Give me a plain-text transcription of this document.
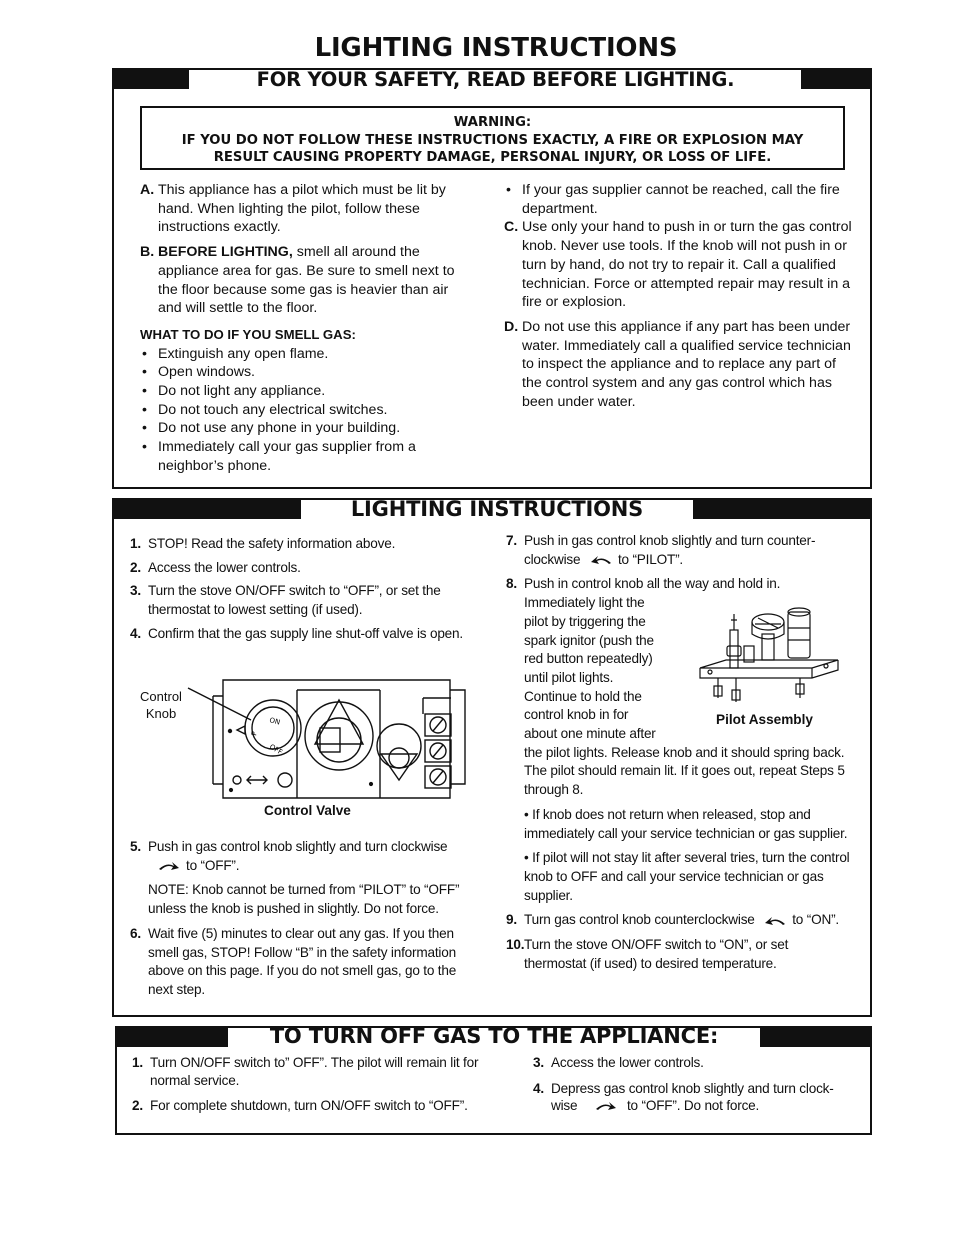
LIGHTING INSTRUCTIONS
FOR YOUR SAFETY, READ BEFORE LIGHTING.
WARNING:
IF YOU DO NOT FOLLOW THESE INSTRUCTIONS EXACTLY, A FIRE OR EXPLOSION MAY
RESULT CAUSING PROPERTY DAMAGE, PERSONAL INJURY, OR LOSS OF LIFE.
A. This appliance has a pilot which must be lit by hand. When lighting the pilot, follow these instructions exactly.
B. BEFORE LIGHTING, smell all around the appliance area for gas. Be sure to smell next to the floor because some gas is heavier than air and will settle to the floor.
WHAT TO DO IF YOU SMELL GAS:
• Extinguish any open flame.
• Open windows.
• Do not light any appliance.
• Do not touch any electrical switches.
• Do not use any phone in your building.
• Immediately call your gas supplier from a neighbor’s phone.
• If your gas supplier cannot be reached, call the fire department.
C. Use only your hand to push in or turn the gas control knob. Never use tools. If the knob will not push in or turn by hand, do not try to repair it. Call a qualified technician. Force or attempted repair may result in a fire or explosion.
D. Do not use this appliance if any part has been under water. Immediately call a qualified service technician to inspect the appliance and to replace any part of the control system and any gas control which has been under water.
LIGHTING INSTRUCTIONS
1. STOP! Read the safety information above.
2. Access the lower controls.
3. Turn the stove ON/OFF switch to “OFF”, or set the thermostat to lowest setting (if used).
4. Confirm that the gas supply line shut-off valve is open.
Control Knob
ON
OFF
P
Control Valve
5. Push in gas control knob slightly and turn clockwise
to “OFF”.
NOTE: Knob cannot be turned from “PILOT” to “OFF” unless the knob is pushed in slightly. Do not force.
6. Wait five (5) minutes to clear out any gas. If you then smell gas, STOP! Follow “B” in the safety information above on this page. If you do not smell gas, go to the next step.
7. Push in gas control knob slightly and turn counter-clockwise	to “PILOT”.
8. Push in control knob all the way and hold in.
Immediately light the
pilot by triggering the
spark ignitor (push the
red button repeatedly)
until pilot lights.
Continue to hold the
control knob in for
about one minute after
the pilot lights. Release knob and it should spring back. The pilot should remain lit. If it goes out, repeat Steps 5 through 8.
• If knob does not return when released, stop and immediately call your service technician or gas supplier.
• If pilot will not stay lit after several tries, turn the control knob to OFF and call your service technician or gas supplier.
9. Turn gas control knob counterclockwise	to “ON”.
10.Turn the stove ON/OFF switch to “ON”, or set thermostat (if used) to desired temperature.
Pilot Assembly
TO TURN OFF GAS TO THE APPLIANCE:
1. Turn ON/OFF switch to” OFF”. The pilot will remain lit for normal service.
2. For complete shutdown, turn ON/OFF switch to “OFF”.
3. Access the lower controls.
4. Depress gas control knob slightly and turn clock-wise	to “OFF”. Do not force.
